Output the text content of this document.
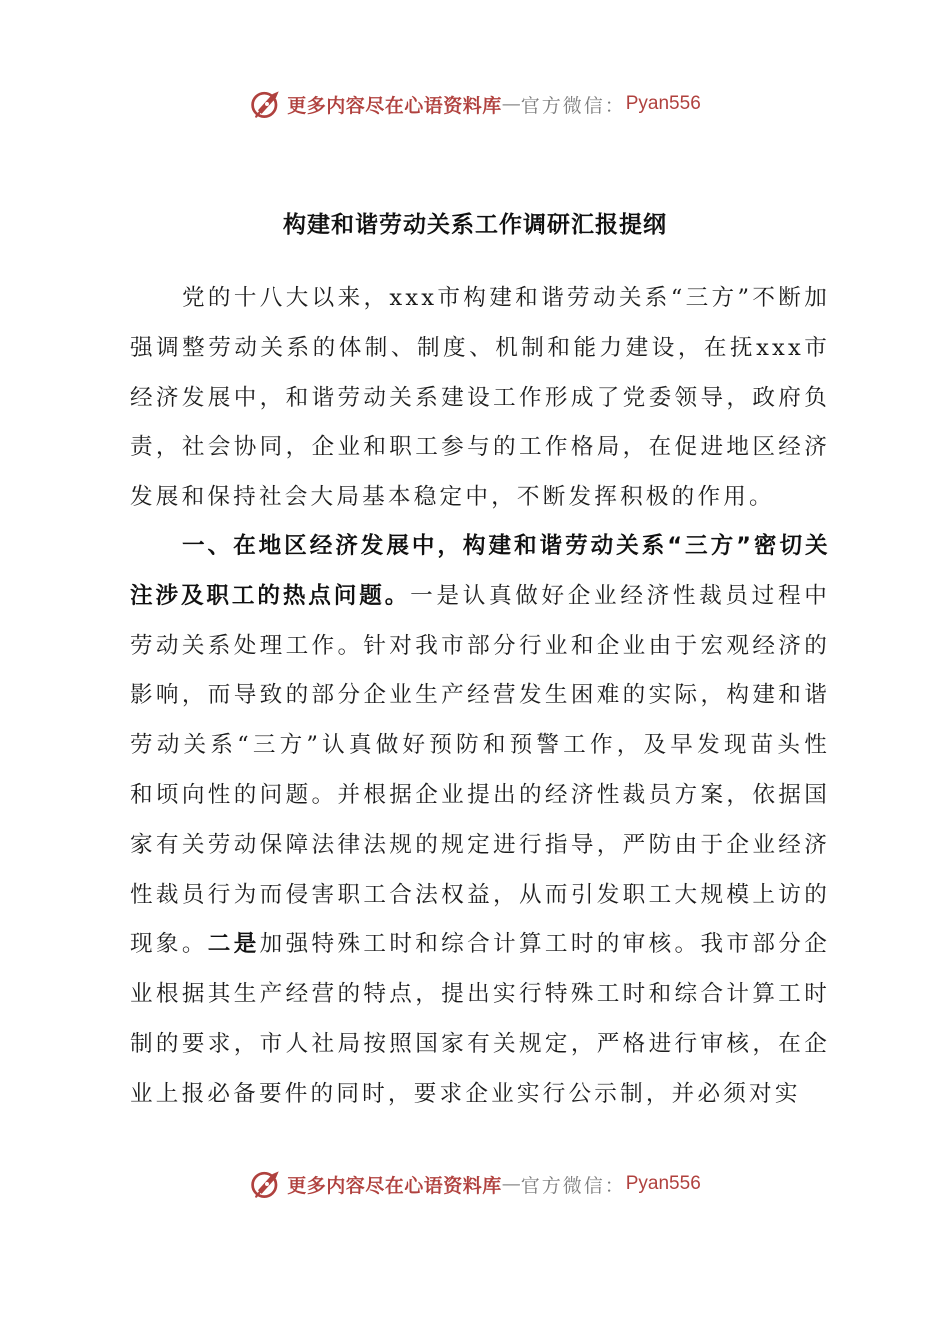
更多内容尽在心语资料库 — 官方微信： Pyan556
构建和谐劳动关系工作调研汇报提纲

党的十八大以来，xxx市构建和谐劳动关系“三方”不断加强调整劳动关系的体制、制度、机制和能力建设，在抚xxx市经济发展中，和谐劳动关系建设工作形成了党委领导，政府负责，社会协同，企业和职工参与的工作格局，在促进地区经济发展和保持社会大局基本稳定中，不断发挥积极的作用。

一、在地区经济发展中，构建和谐劳动关系“三方”密切关注涉及职工的热点问题。一是认真做好企业经济性裁员过程中劳动关系处理工作。针对我市部分行业和企业由于宏观经济的影响，而导致的部分企业生产经营发生困难的实际，构建和谐劳动关系“三方”认真做好预防和预警工作，及早发现苗头性和顷向性的问题。并根据企业提出的经济性裁员方案，依据国家有关劳动保障法律法规的规定进行指导，严防由于企业经济性裁员行为而侵害职工合法权益，从而引发职工大规模上访的现象。二是加强特殊工时和综合计算工时的审核。我市部分企业根据其生产经营的特点，提出实行特殊工时和综合计算工时制的要求，市人社局按照国家有关规定，严格进行审核，在企业上报必备要件的同时，要求企业实行公示制，并必须对实

更多内容尽在心语资料库 — 官方微信： Pyan556
